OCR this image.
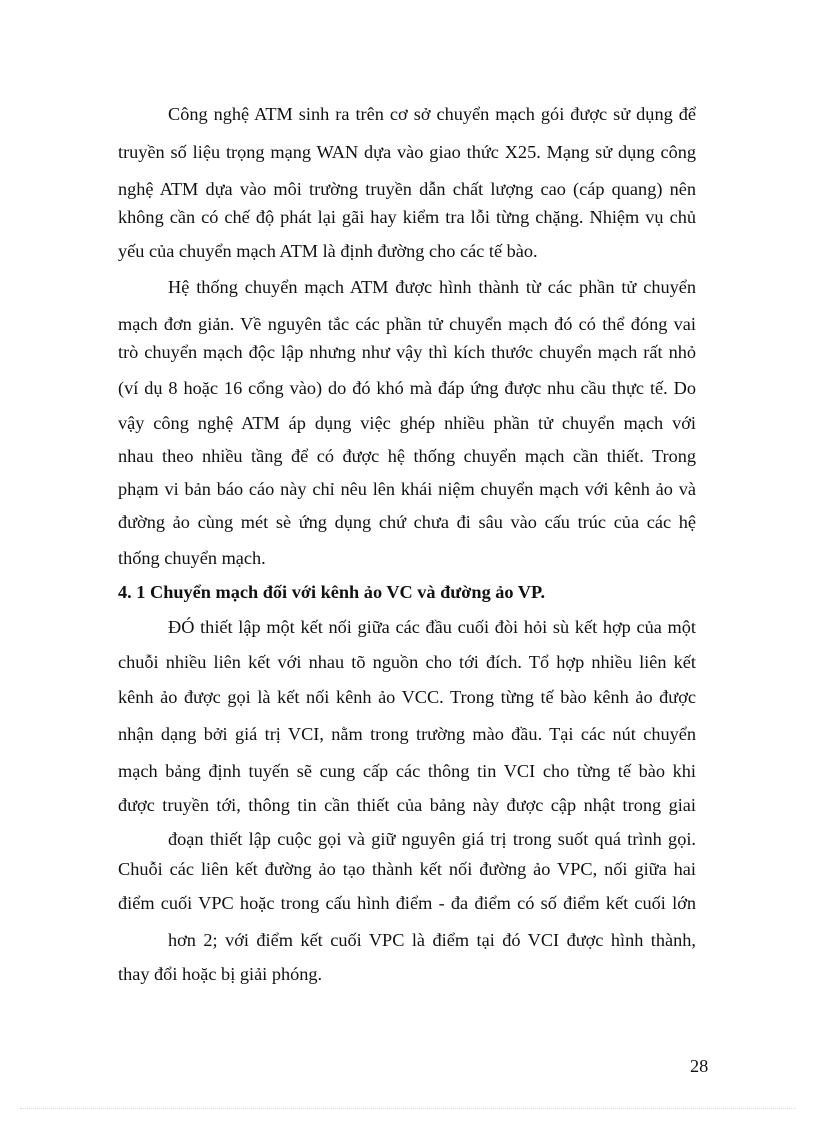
Công nghệ ATM sinh ra trên cơ sở chuyển mạch gói được sử dụng để
truyền số liệu trọng mạng WAN dựa vào giao thức X25. Mạng sử dụng công
nghệ ATM dựa vào môi trường truyền dẫn chất lượng cao (cáp quang) nên
không cần có chế độ phát lại gãi hay kiểm tra lỗi từng chặng. Nhiệm vụ chủ
yếu của chuyển mạch ATM là định đường cho các tế bào.
Hệ thống chuyển mạch ATM được hình thành từ các phần tử chuyển
mạch đơn giản. Về nguyên tắc các phần tử chuyển mạch đó có thể đóng vai
trò chuyển mạch độc lập nhưng như vậy thì kích thước chuyển mạch rất nhỏ
(ví dụ 8 hoặc 16 cổng vào) do đó khó mà đáp ứng được nhu cầu thực tế. Do
vậy công nghệ ATM áp dụng việc ghép nhiều phần tử chuyển mạch với
nhau theo nhiều tầng để có được hệ thống chuyển mạch cần thiết. Trong
phạm vi bản báo cáo này chỉ nêu lên khái niệm chuyển mạch với kênh ảo và
đường ảo cùng mét sè ứng dụng chứ chưa đi sâu vào cấu trúc của các hệ
thống chuyển mạch.
4. 1 Chuyển mạch đối với kênh ảo VC và đường ảo VP.
ĐÓ thiết lập một kết nối giữa các đầu cuối đòi hỏi sù kết hợp của một
chuỗi nhiều liên kết với nhau tõ nguồn cho tới đích. Tổ hợp nhiều liên kết
kênh ảo được gọi là kết nối kênh ảo VCC. Trong từng tế bào kênh ảo được
nhận dạng bởi giá trị VCI, nằm trong trường mào đầu. Tại các nút chuyển
mạch bảng định tuyến sẽ cung cấp các thông tin VCI cho từng tế bào khi
được truyền tới, thông tin cần thiết của bảng này được cập nhật trong giai
đoạn thiết lập cuộc gọi và giữ nguyên giá trị trong suốt quá trình gọi.
Chuỗi các liên kết đường ảo tạo thành kết nối đường ảo VPC, nối giữa hai
điểm cuối VPC hoặc trong cấu hình điểm - đa điểm có số điểm kết cuối lớn
hơn 2; với điểm kết cuối VPC là điểm tại đó VCI được hình thành,
thay đổi hoặc bị giải phóng.
28
